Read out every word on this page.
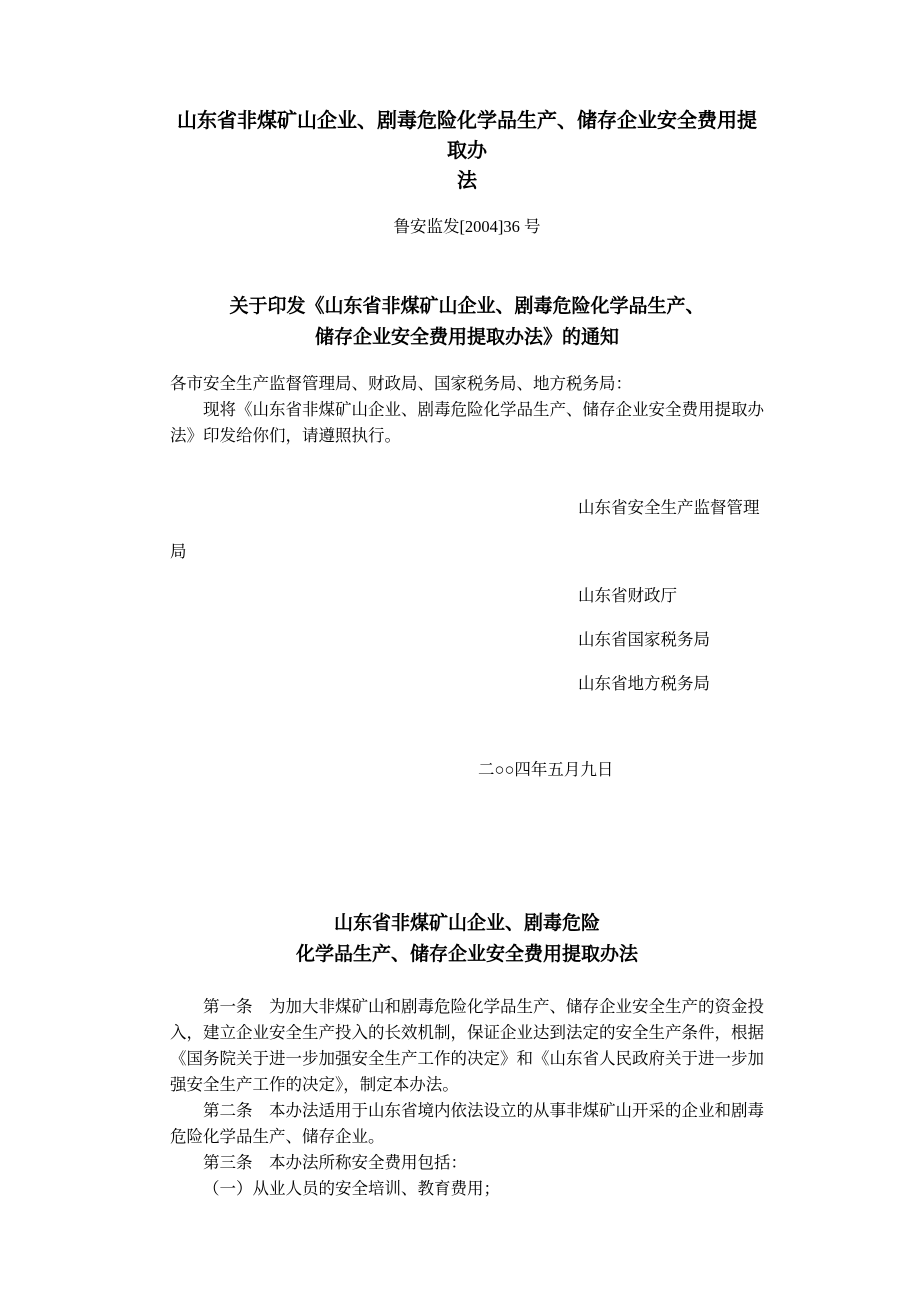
山东省非煤矿山企业、剧毒危险化学品生产、储存企业安全费用提取办
法

鲁安监发[2004]36 号

关于印发《山东省非煤矿山企业、剧毒危险化学品生产、
储存企业安全费用提取办法》的通知

各市安全生产监督管理局、财政局、国家税务局、地方税务局：

现将《山东省非煤矿山企业、剧毒危险化学品生产、储存企业安全费用提取办法》印发给你们，请遵照执行。

山东省安全生产监督管理

局

山东省财政厅

山东省国家税务局

山东省地方税务局

二○○四年五月九日

山东省非煤矿山企业、剧毒危险
化学品生产、储存企业安全费用提取办法

第一条　为加大非煤矿山和剧毒危险化学品生产、储存企业安全生产的资金投入，建立企业安全生产投入的长效机制，保证企业达到法定的安全生产条件，根据《国务院关于进一步加强安全生产工作的决定》和《山东省人民政府关于进一步加强安全生产工作的决定》，制定本办法。

第二条　本办法适用于山东省境内依法设立的从事非煤矿山开采的企业和剧毒危险化学品生产、储存企业。

第三条　本办法所称安全费用包括：

（一）从业人员的安全培训、教育费用；
